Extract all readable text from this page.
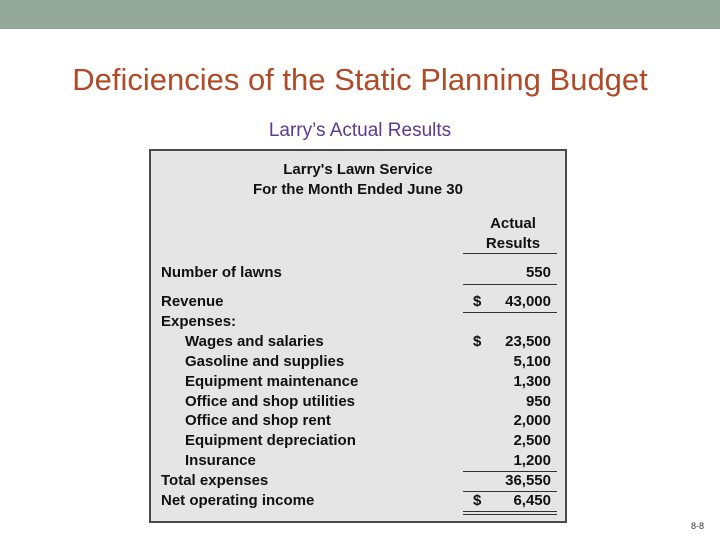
Deficiencies of the Static Planning Budget
Larry’s Actual Results
Larry's Lawn Service
For the Month Ended June 30
Actual
Results
Number of lawns	550
Revenue	$ 43,000
Expenses:
Wages and salaries	$ 23,500
Gasoline and supplies	5,100
Equipment maintenance	1,300
Office and shop utilities	950
Office and shop rent	2,000
Equipment depreciation	2,500
Insurance	1,200
Total expenses	36,550
Net operating income	$ 6,450
8-8
